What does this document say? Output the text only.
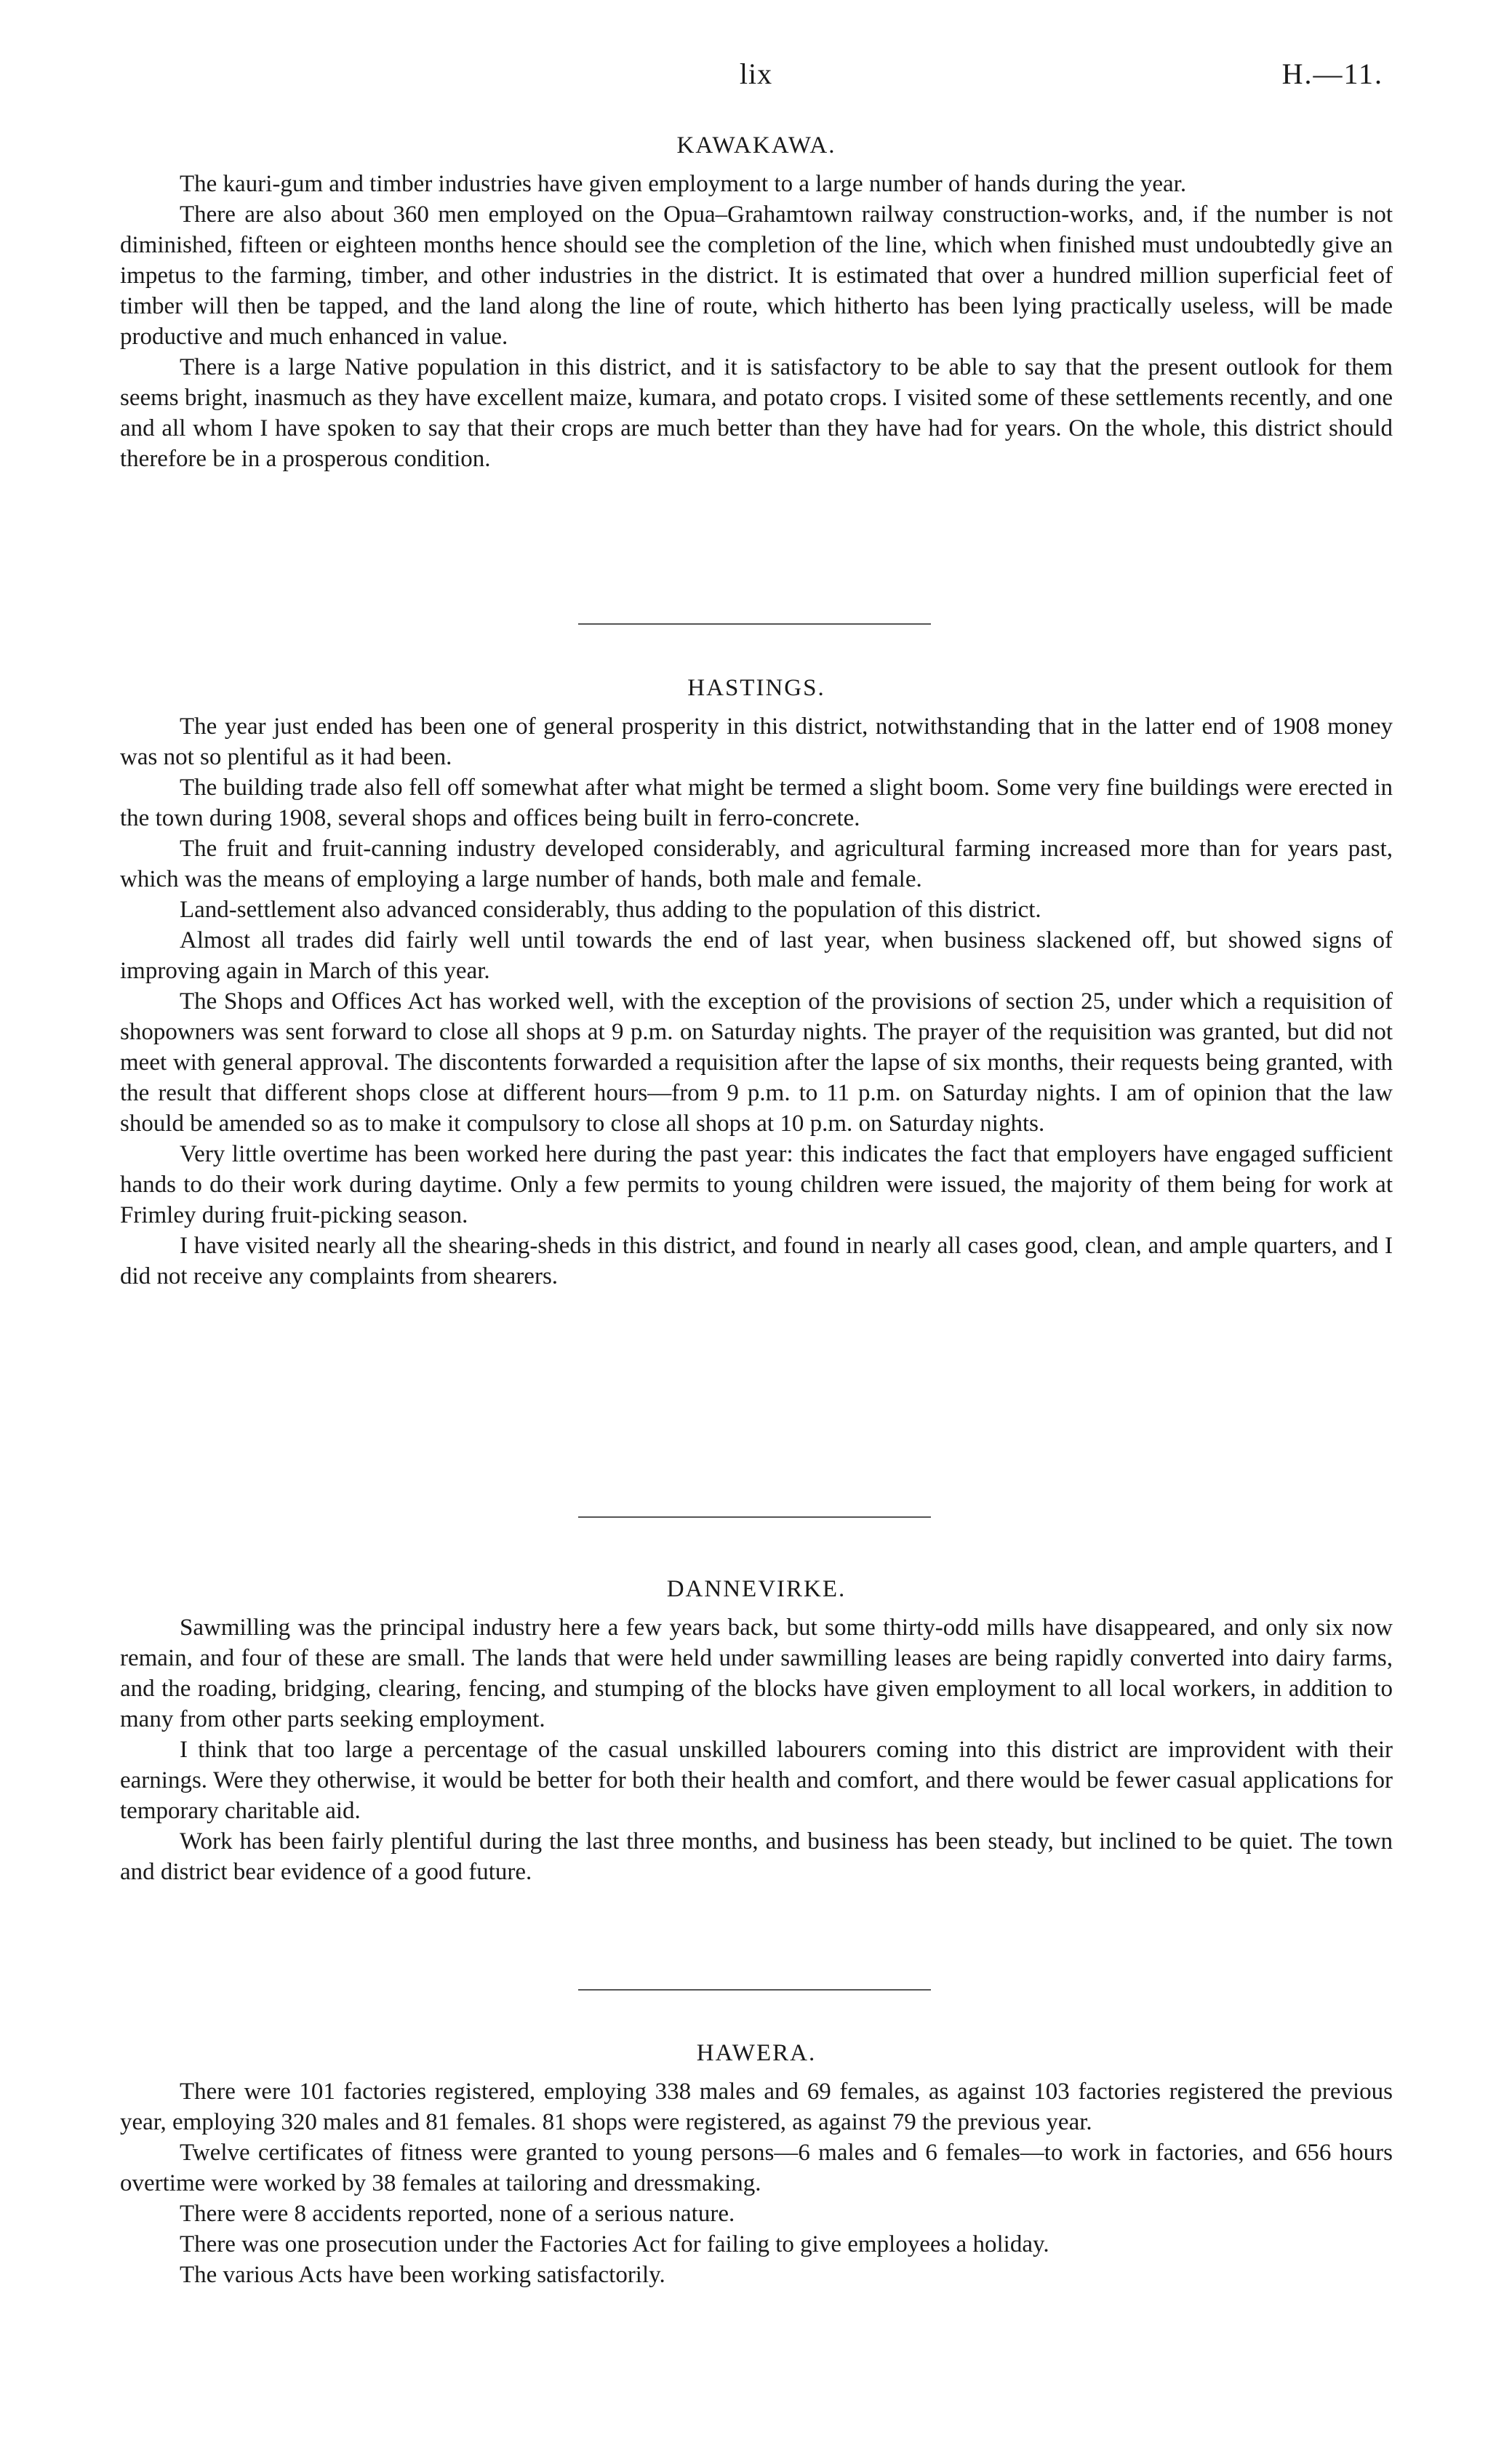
lix	H.—11.
KAWAKAWA.

The kauri-gum and timber industries have given employment to a large number of hands during the year.

There are also about 360 men employed on the Opua–Grahamtown railway construction-works, and, if the number is not diminished, fifteen or eighteen months hence should see the completion of the line, which when finished must undoubtedly give an impetus to the farming, timber, and other industries in the district. It is estimated that over a hundred million superficial feet of timber will then be tapped, and the land along the line of route, which hitherto has been lying practically useless, will be made productive and much enhanced in value.

There is a large Native population in this district, and it is satisfactory to be able to say that the present outlook for them seems bright, inasmuch as they have excellent maize, kumara, and potato crops. I visited some of these settlements recently, and one and all whom I have spoken to say that their crops are much better than they have had for years. On the whole, this district should therefore be in a prosperous condition.

HASTINGS.

The year just ended has been one of general prosperity in this district, notwithstanding that in the latter end of 1908 money was not so plentiful as it had been.

The building trade also fell off somewhat after what might be termed a slight boom. Some very fine buildings were erected in the town during 1908, several shops and offices being built in ferro-concrete.

The fruit and fruit-canning industry developed considerably, and agricultural farming increased more than for years past, which was the means of employing a large number of hands, both male and female.

Land-settlement also advanced considerably, thus adding to the population of this district.

Almost all trades did fairly well until towards the end of last year, when business slackened off, but showed signs of improving again in March of this year.

The Shops and Offices Act has worked well, with the exception of the provisions of section 25, under which a requisition of shopowners was sent forward to close all shops at 9 p.m. on Saturday nights. The prayer of the requisition was granted, but did not meet with general approval. The discontents forwarded a requisition after the lapse of six months, their requests being granted, with the result that different shops close at different hours—from 9 p.m. to 11 p.m. on Saturday nights. I am of opinion that the law should be amended so as to make it compulsory to close all shops at 10 p.m. on Saturday nights.

Very little overtime has been worked here during the past year: this indicates the fact that employers have engaged sufficient hands to do their work during daytime. Only a few permits to young children were issued, the majority of them being for work at Frimley during fruit-picking season.

I have visited nearly all the shearing-sheds in this district, and found in nearly all cases good, clean, and ample quarters, and I did not receive any complaints from shearers.

DANNEVIRKE.

Sawmilling was the principal industry here a few years back, but some thirty-odd mills have disappeared, and only six now remain, and four of these are small. The lands that were held under sawmilling leases are being rapidly converted into dairy farms, and the roading, bridging, clearing, fencing, and stumping of the blocks have given employment to all local workers, in addition to many from other parts seeking employment.

I think that too large a percentage of the casual unskilled labourers coming into this district are improvident with their earnings. Were they otherwise, it would be better for both their health and comfort, and there would be fewer casual applications for temporary charitable aid.

Work has been fairly plentiful during the last three months, and business has been steady, but inclined to be quiet. The town and district bear evidence of a good future.

HAWERA.

There were 101 factories registered, employing 338 males and 69 females, as against 103 factories registered the previous year, employing 320 males and 81 females. 81 shops were registered, as against 79 the previous year.

Twelve certificates of fitness were granted to young persons—6 males and 6 females—to work in factories, and 656 hours overtime were worked by 38 females at tailoring and dressmaking.

There were 8 accidents reported, none of a serious nature.

There was one prosecution under the Factories Act for failing to give employees a holiday.

The various Acts have been working satisfactorily.
